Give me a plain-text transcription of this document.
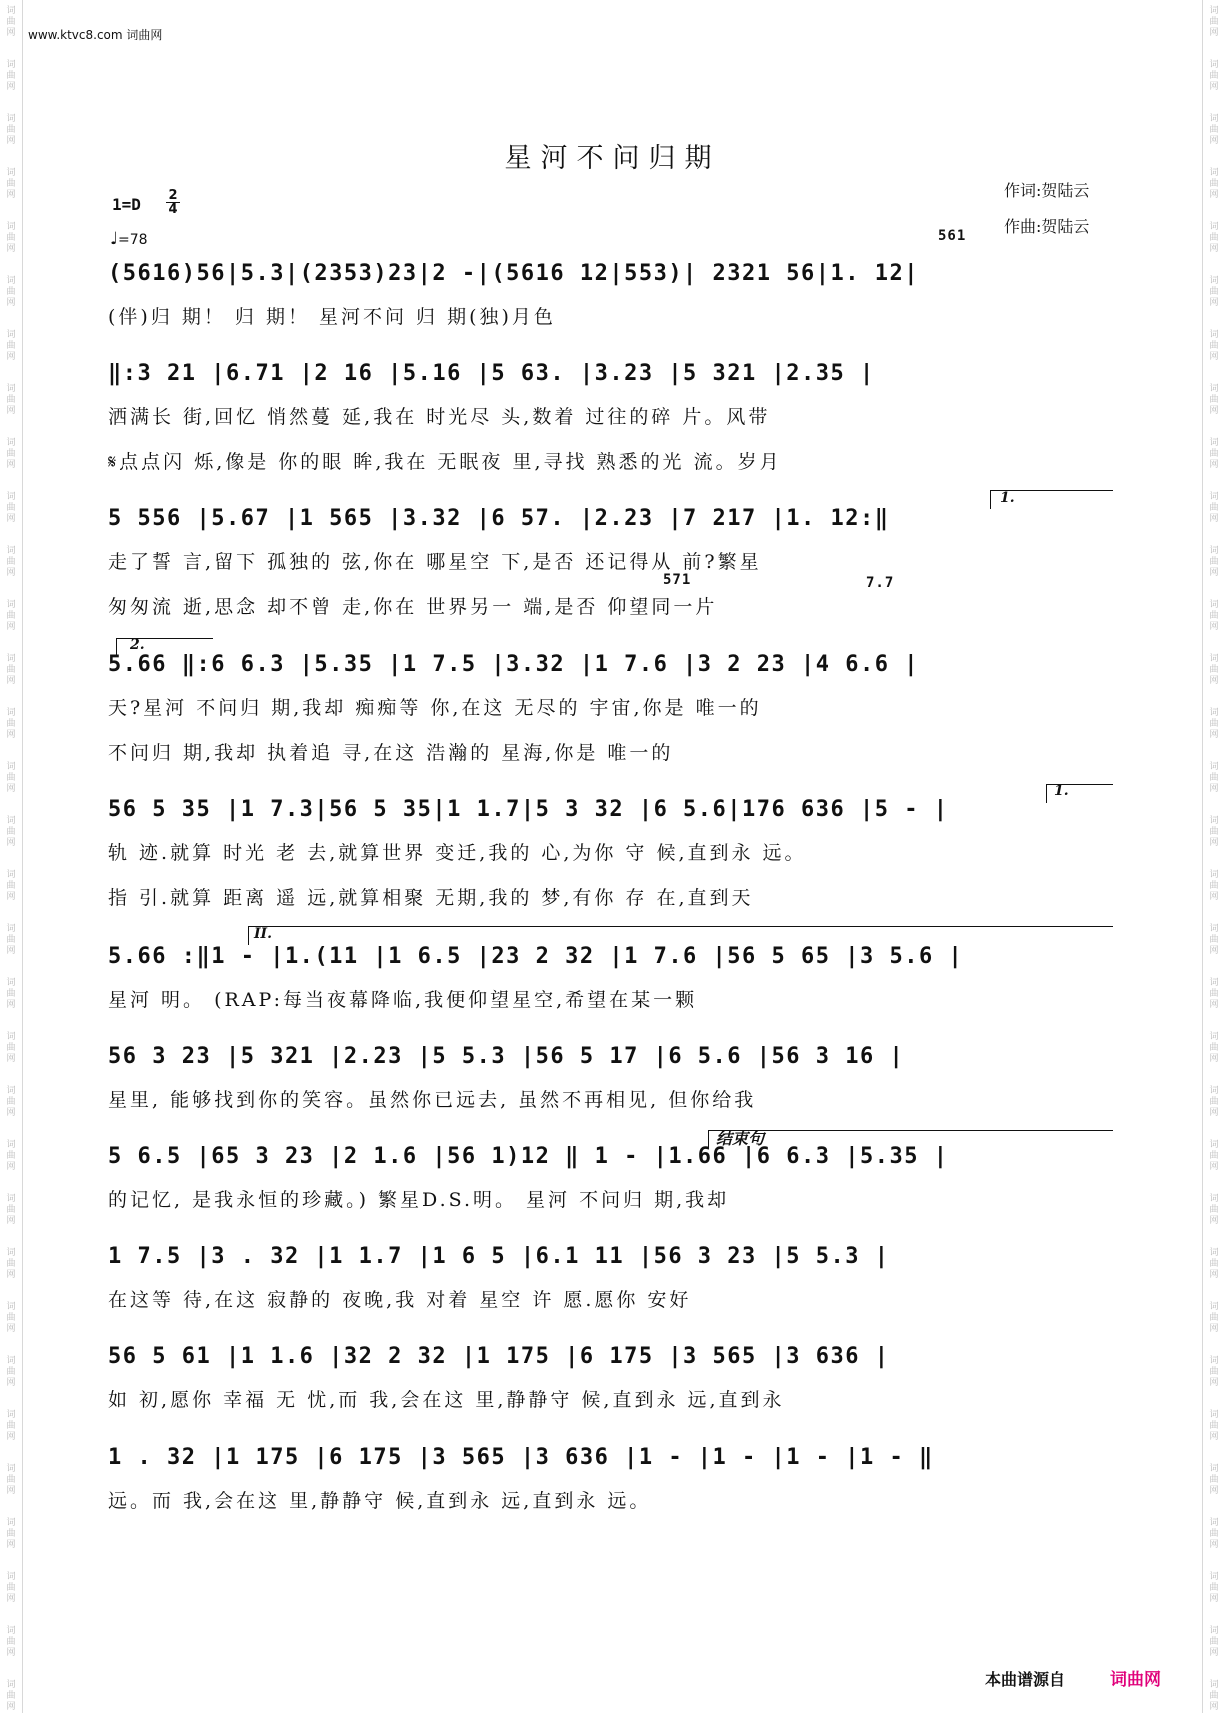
词
曲
网
词
曲
网
词
曲
网
词
曲
网
词
曲
网
词
曲
网
词
曲
网
词
曲
网
词
曲
网
词
曲
网
词
曲
网
词
曲
网
词
曲
网
词
曲
网
词
曲
网
词
曲
网
词
曲
网
词
曲
网
词
曲
网
词
曲
网
词
曲
网
词
曲
网
词
曲
网
词
曲
网
词
曲
网
词
曲
网
词
曲
网
词
曲
网
词
曲
网
词
曲
网
词
曲
网
词
曲
网
词
曲
网
词
曲
网
词
曲
网
词
曲
网
词
曲
网
词
曲
网
词
曲
网
词
曲
网
词
曲
网
词
曲
网
词
曲
网
词
曲
网
词
曲
网
词
曲
网
词
曲
网
词
曲
网
词
曲
网
词
曲
网
词
曲
网
词
曲
网
词
曲
网
词
曲
网
词
曲
网
词
曲
网
词
曲
网
词
曲
网
词
曲
网
词
曲
网
词
曲
网
词
曲
网
词
曲
网
词
曲
网
www.ktvc8.com 词曲网
星河不问归期
作词:贺陆云
作曲:贺陆云
$1=D \frac{2}{4}$
♩=78	561
571	7.7
1.
2.
1.
II.
结束句
(5616)56|5.3|(2353)23|2 -|(5616 12|553)| 2321 56|1. 12|
(伴)归 期！ 归 期！ 星河不问 归 期(独)月色
‖:3 21 |6.71 |2 16 |5.16 |5 63. |3.23 |5 321 |2.35 |
洒满长 街,回忆 悄然蔓 延,我在 时光尽 头,数着 过往的碎 片。风带
𝄋点点闪 烁,像是 你的眼 眸,我在 无眠夜 里,寻找 熟悉的光 流。岁月
5 556 |5.67 |1 565 |3.32 |6 57. |2.23 |7 217 |1. 12:‖
走了誓 言,留下 孤独的 弦,你在 哪星空 下,是否 还记得从 前?繁星
匆匆流 逝,思念 却不曾 走,你在 世界另一 端,是否 仰望同一片
5.66 ‖:6 6.3 |5.35 |1 7.5 |3.32 |1 7.6 |3 2 23 |4 6.6 |
天?星河 不问归 期,我却 痴痴等 你,在这 无尽的 宇宙,你是 唯一的
不问归 期,我却 执着追 寻,在这 浩瀚的 星海,你是 唯一的
56 5 35 |1 7.3|56 5 35|1 1.7|5 3 32 |6 5.6|176 636 |5 - |
轨 迹.就算 时光 老 去,就算世界 变迁,我的 心,为你 守 候,直到永 远。
指 引.就算 距离 遥 远,就算相聚 无期,我的 梦,有你 存 在,直到天
5.66 :‖1 - |1.(11 |1 6.5 |23 2 32 |1 7.6 |56 5 65 |3 5.6 |
星河 明。 (RAP:每当夜幕降临,我便仰望星空,希望在某一颗
56 3 23 |5 321 |2.23 |5 5.3 |56 5 17 |6 5.6 |56 3 16 |
星里, 能够找到你的笑容。虽然你已远去, 虽然不再相见, 但你给我
5 6.5 |65 3 23 |2 1.6 |56 1)12 ‖ 1 - |1.66 |6 6.3 |5.35 |
的记忆, 是我永恒的珍藏。) 繁星D.S.明。 星河 不问归 期,我却
1 7.5 |3 . 32 |1 1.7 |1 6 5 |6.1 11 |56 3 23 |5 5.3 |
在这等 待,在这 寂静的 夜晚,我 对着 星空 许 愿.愿你 安好
56 5 61 |1 1.6 |32 2 32 |1 175 |6 175 |3 565 |3 636 |
如 初,愿你 幸福 无 忧,而 我,会在这 里,静静守 候,直到永 远,直到永
1 . 32 |1 175 |6 175 |3 565 |3 636 |1 - |1 - |1 - |1 - ‖
远。而 我,会在这 里,静静守 候,直到永 远,直到永 远。
本曲谱源自	词曲网
